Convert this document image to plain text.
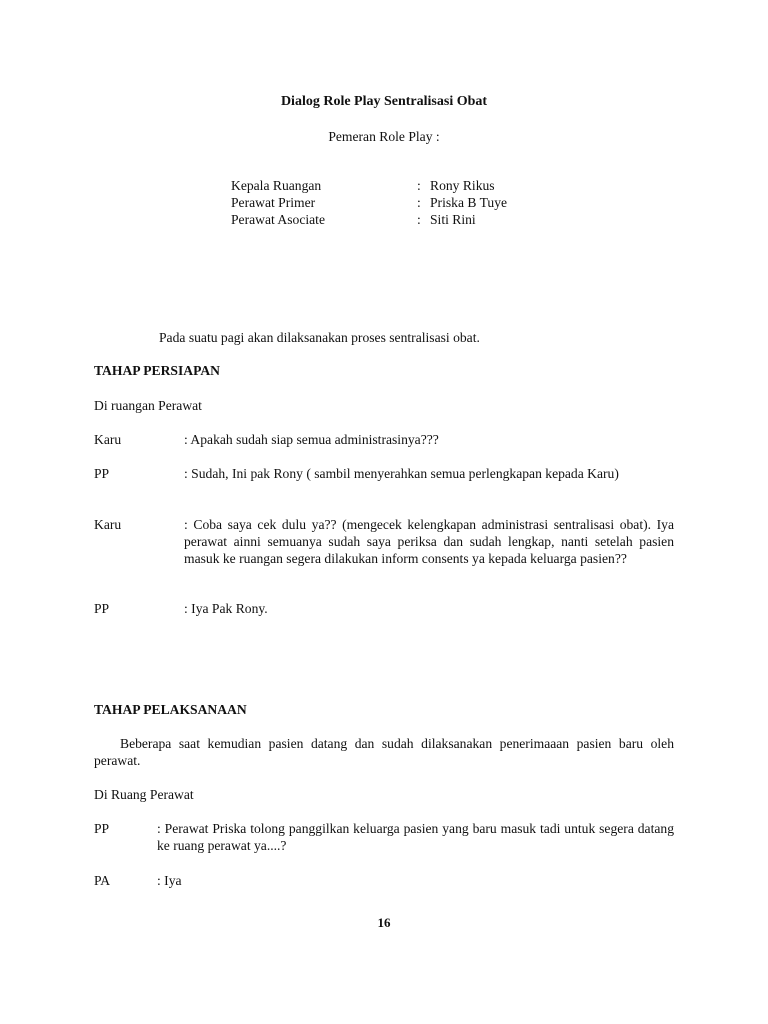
Dialog Role Play Sentralisasi Obat

Pemeran Role Play :

Kepala Ruangan	:	Rony Rikus
Perawat Primer	:	Priska B Tuye
Perawat Asociate	:	Siti Rini

Pada suatu pagi akan dilaksanakan proses sentralisasi obat.

TAHAP PERSIAPAN

Di ruangan Perawat

Karu	: Apakah sudah siap semua administrasinya???

PP	: Sudah, Ini pak Rony ( sambil menyerahkan semua perlengkapan kepada Karu)

Karu	: Coba saya cek dulu ya?? (mengecek kelengkapan administrasi sentralisasi obat). Iya perawat ainni semuanya sudah saya periksa dan sudah lengkap, nanti setelah pasien masuk ke ruangan segera dilakukan inform consents ya kepada keluarga pasien??

PP	: Iya Pak Rony.

TAHAP PELAKSANAAN

Beberapa saat kemudian pasien datang dan sudah dilaksanakan penerimaaan pasien baru oleh perawat.

Di Ruang Perawat

PP	: Perawat Priska tolong panggilkan keluarga pasien yang baru masuk tadi untuk segera datang ke ruang perawat ya....?

PA	: Iya

16
